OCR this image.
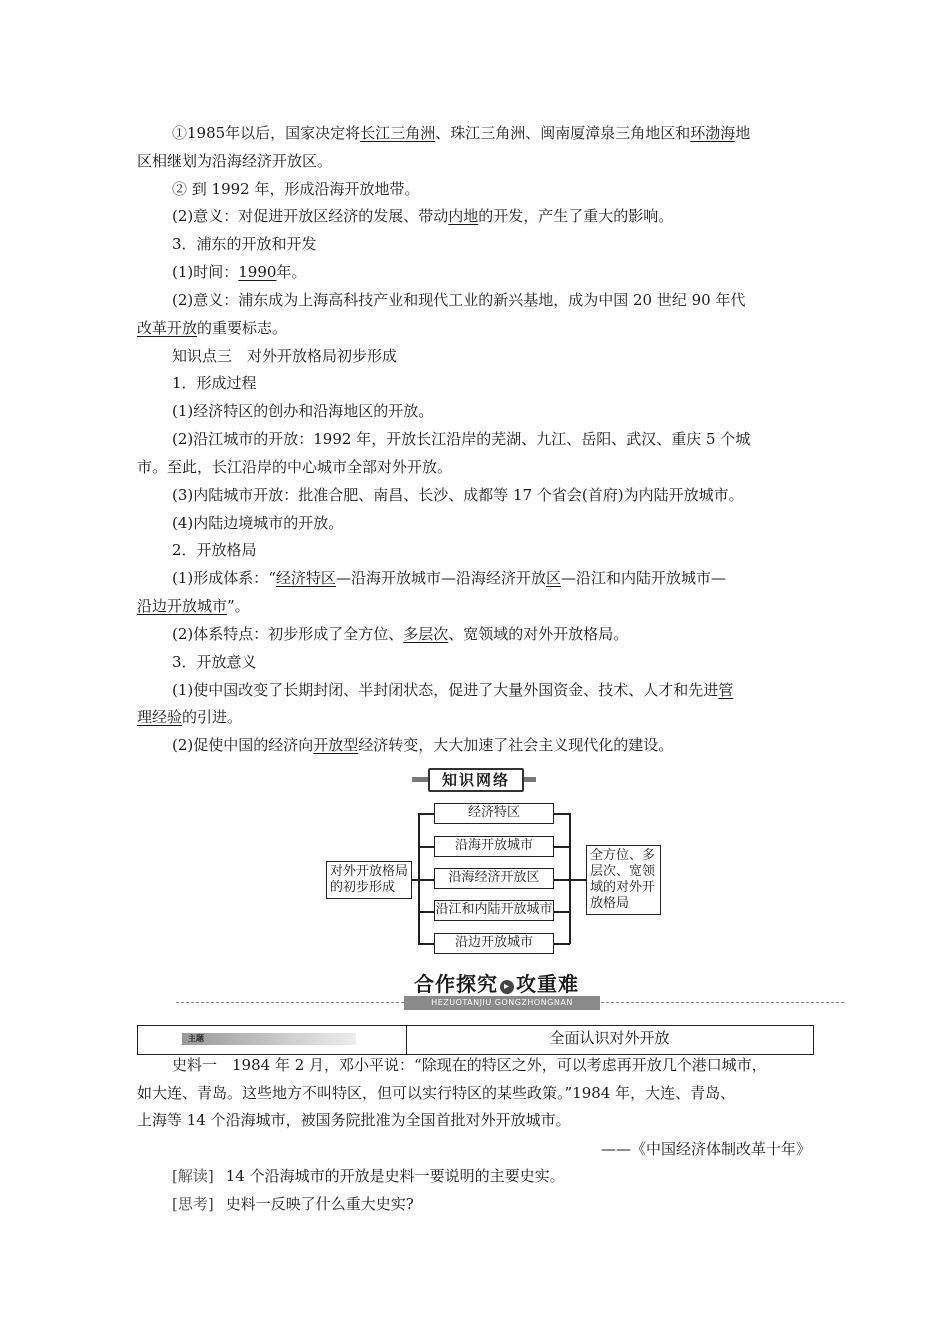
①1985年以后，国家决定将长江三角洲、珠江三角洲、闽南厦漳泉三角地区和环渤海地
区相继划为沿海经济开放区。
② 到 1992 年，形成沿海开放地带。
(2)意义：对促进开放区经济的发展、带动内地的开发，产生了重大的影响。
3．浦东的开放和开发
(1)时间：1990年。
(2)意义：浦东成为上海高科技产业和现代工业的新兴基地，成为中国 20 世纪 90 年代
改革开放的重要标志。
知识点三　对外开放格局初步形成
1．形成过程
(1)经济特区的创办和沿海地区的开放。
(2)沿江城市的开放：1992 年，开放长江沿岸的芜湖、九江、岳阳、武汉、重庆 5 个城
市。至此，长江沿岸的中心城市全部对外开放。
(3)内陆城市开放：批准合肥、南昌、长沙、成都等 17 个省会(首府)为内陆开放城市。
(4)内陆边境城市的开放。
2．开放格局
(1)形成体系：“经济特区—沿海开放城市—沿海经济开放区—沿江和内陆开放城市—
沿边开放城市”。
(2)体系特点：初步形成了全方位、多层次、宽领域的对外开放格局。
3．开放意义
(1)使中国改变了长期封闭、半封闭状态，促进了大量外国资金、技术、人才和先进管
理经验的引进。
(2)促使中国的经济向开放型经济转变，大大加速了社会主义现代化的建设。
知识网络
对外开放格局
的初步形成
经济特区
沿海开放城市
沿海经济开放区
沿江和内陆开放城市
沿边开放城市
全方位、多
层次、宽领
域的对外开
放格局
合作探究 ▸ 攻重难
HEZUOTANJIU GONGZHONGNAN
主题	全面认识对外开放
史料一　1984 年 2 月，邓小平说：“除现在的特区之外，可以考虑再开放几个港口城市，
如大连、青岛。这些地方不叫特区，但可以实行特区的某些政策。”1984 年，大连、青岛、
上海等 14 个沿海城市，被国务院批准为全国首批对外开放城市。
——《中国经济体制改革十年》
[解读] 14 个沿海城市的开放是史料一要说明的主要史实。
[思考] 史料一反映了什么重大史实?
